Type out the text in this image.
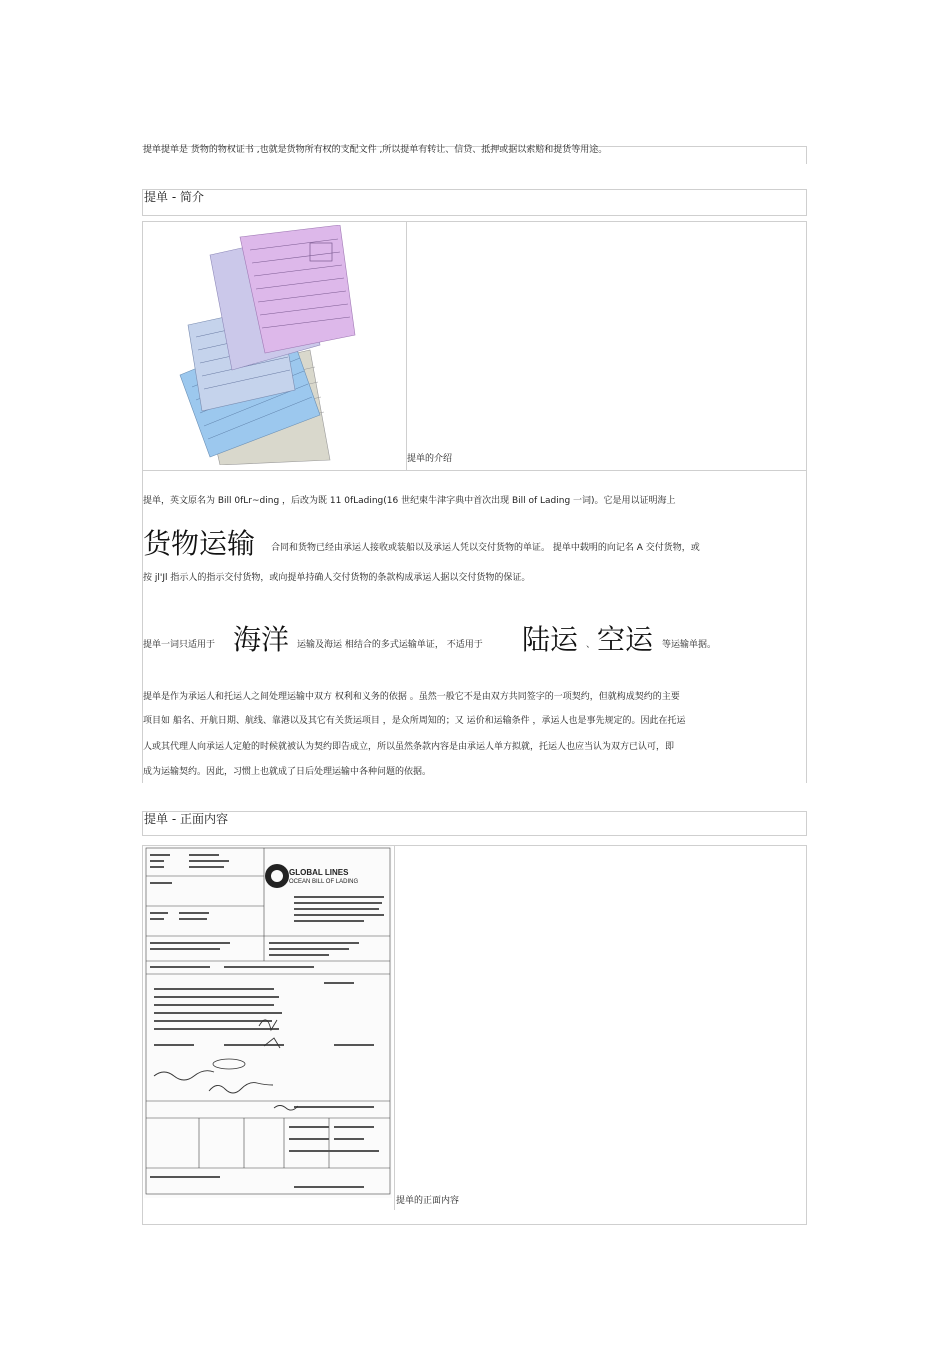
提单提单是 货物的物权证书 ,也就是货物所有权的支配文件 ,所以提单有转让、信贷、抵押或据以索赔和提货等用途。
提单 - 简介
提单的介绍
提单，英文原名为 Bill 0fLr~ding ，后改为既 11 0fLading(16 世纪柬牛津字典中首次出现 Bill of Lading 一词)。它是用以证明海上
货物运输 合同和货物已经由承运人接收或装船以及承运人凭以交付货物的单证。 提单中载明的向记名 A 交付货物，或
按 jl'Jl 指示人的指示交付货物，或向提单持确人交付货物的条款构成承运人据以交付货物的保证。
提单一词只适用于 海洋 运输及海运 相结合的多式运输单证， 不适用于 陆运 、 空运 等运输单据。
提单是作为承运人和托运人之间处理运输中双方 权利和义务的依据 。虽然一般它不是由双方共同签字的一项契约，但就构成契约的主要
项目如 船名、开航日期、航线、靠港以及其它有关货运项目 ，是众所周知的；又 运价和运输条件 ，承运人也是事先规定的。因此在托运
人或其代理人向承运人定舱的时候就被认为契约即告成立，所以虽然条款内容是由承运人单方拟就，托运人也应当认为双方已认可，即
成为运输契约。因此，习惯上也就成了日后处理运输中各种问题的依据。
提单 - 正面内容
GLOBAL LINES
OCEAN BILL OF LADING
提单的正面内容
